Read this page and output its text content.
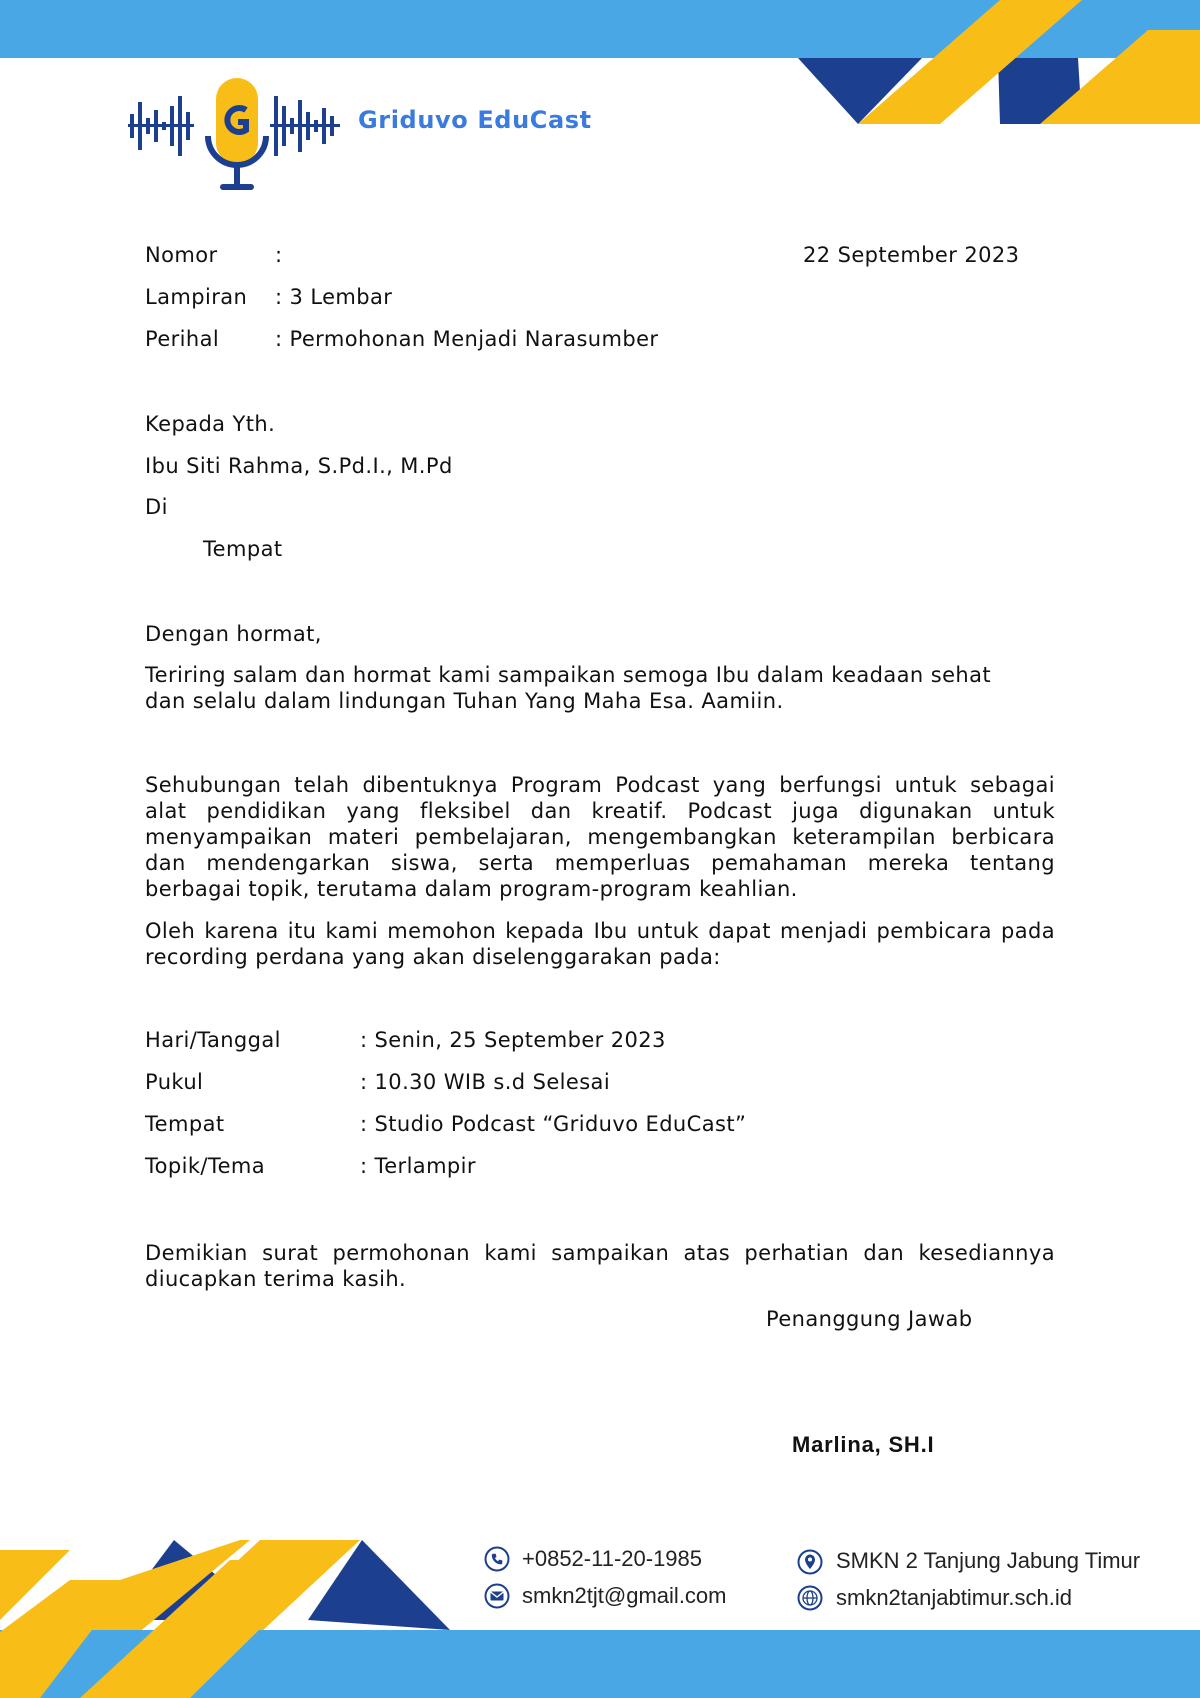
Griduvo EduCast
Nomor	:	22 September 2023
Lampiran : 3 Lembar
Perihal	: Permohonan Menjadi Narasumber
Kepada Yth.
Ibu Siti Rahma, S.Pd.I., M.Pd
Di
Tempat
Dengan hormat,
Teriring salam dan hormat kami sampaikan semoga Ibu dalam keadaan sehat dan selalu dalam lindungan Tuhan Yang Maha Esa. Aamiin.
Sehubungan telah dibentuknya Program Podcast yang berfungsi untuk sebagai alat pendidikan yang fleksibel dan kreatif. Podcast juga digunakan untuk menyampaikan materi pembelajaran, mengembangkan keterampilan berbicara dan mendengarkan siswa, serta memperluas pemahaman mereka tentang berbagai topik, terutama dalam program-program keahlian.
Oleh karena itu kami memohon kepada Ibu untuk dapat menjadi pembicara pada recording perdana yang akan diselenggarakan pada:
Hari/Tanggal	: Senin, 25 September 2023
Pukul	: 10.30 WIB s.d Selesai
Tempat	: Studio Podcast “Griduvo EduCast”
Topik/Tema	: Terlampir
Demikian surat permohonan kami sampaikan atas perhatian dan kesediannya diucapkan terima kasih.
Penanggung Jawab
Marlina, SH.I
+0852-11-20-1985
smkn2tjt@gmail.com
SMKN 2 Tanjung Jabung Timur
smkn2tanjabtimur.sch.id
